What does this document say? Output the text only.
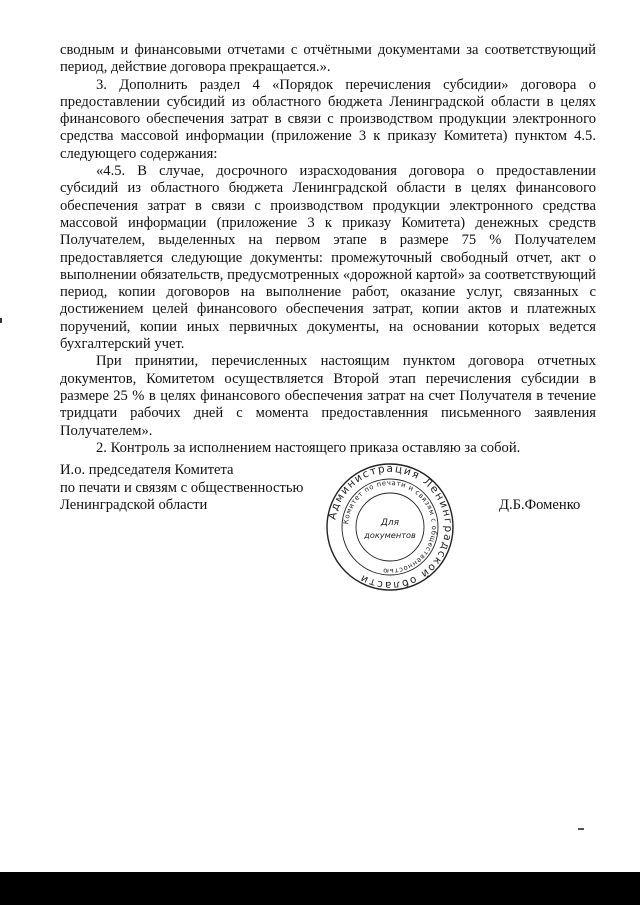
сводным и финансовыми отчетами с отчётными документами за соответствующий период, действие договора прекращается.».

3. Дополнить раздел 4 «Порядок перечисления субсидии» договора о предоставлении субсидий из областного бюджета Ленинградской области в целях финансового обеспечения затрат в связи с производством продукции электронного средства массовой информации (приложение 3 к приказу Комитета) пунктом 4.5. следующего содержания:

«4.5. В случае, досрочного израсходования договора о предоставлении субсидий из областного бюджета Ленинградской области в целях финансового обеспечения затрат в связи с производством продукции электронного средства массовой информации (приложение 3 к приказу Комитета) денежных средств Получателем, выделенных на первом этапе в размере 75 % Получателем предоставляется следующие документы: промежуточный свободный отчет, акт о выполнении обязательств, предусмотренных «дорожной картой» за соответствующий период, копии договоров на выполнение работ, оказание услуг, связанных с достижением целей финансового обеспечения затрат, копии актов и платежных поручений, копии иных первичных документы, на основании которых ведется бухгалтерский учет.

При принятии, перечисленных настоящим пунктом договора отчетных документов, Комитетом осуществляется Второй этап перечисления субсидии в размере 25 % в целях финансового обеспечения затрат на счет Получателя в течение тридцати рабочих дней с момента предоставленния письменного заявления Получателем».

2. Контроль за исполнением настоящего приказа оставляю за собой.

И.о. председателя Комитета
по печати и связям с общественностью
Ленинградской области	Д.Б.Фоменко
Администрация Ленинградской области
Комитет по печати и связям с общественностью
Для
документов
